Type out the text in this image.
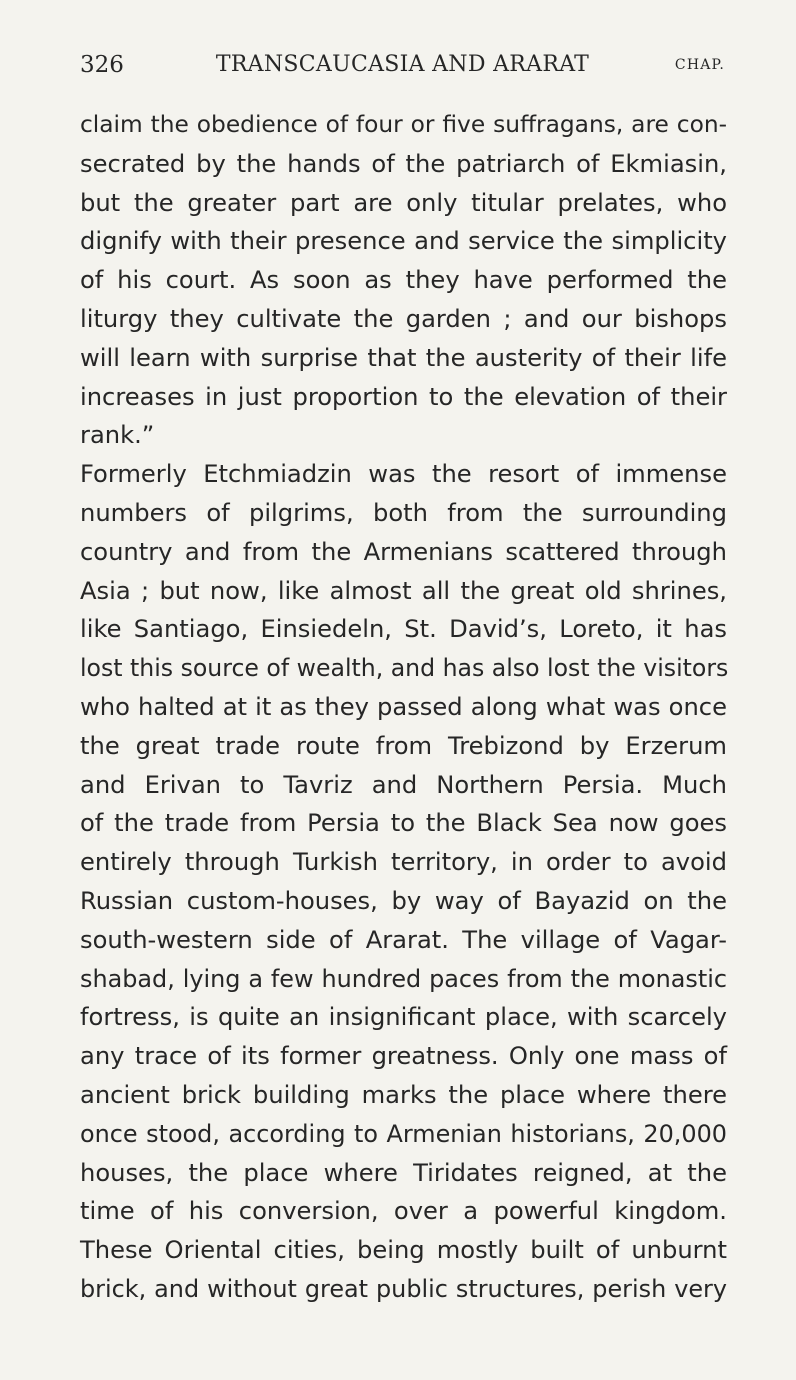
326	TRANSCAUCASIA AND ARARAT	CHAP.
claim the obedience of four or five suffragans, are con-
secrated by the hands of the patriarch of Ekmiasin,
but the greater part are only titular prelates, who
dignify with their presence and service the simplicity
of his court. As soon as they have performed the
liturgy they cultivate the garden ; and our bishops
will learn with surprise that the austerity of their life
increases in just proportion to the elevation of their
rank.”
Formerly Etchmiadzin was the resort of immense
numbers of pilgrims, both from the surrounding
country and from the Armenians scattered through
Asia ; but now, like almost all the great old shrines,
like Santiago, Einsiedeln, St. David’s, Loreto, it has
lost this source of wealth, and has also lost the visitors
who halted at it as they passed along what was once
the great trade route from Trebizond by Erzerum
and Erivan to Tavriz and Northern Persia. Much
of the trade from Persia to the Black Sea now goes
entirely through Turkish territory, in order to avoid
Russian custom-houses, by way of Bayazid on the
south-western side of Ararat. The village of Vagar-
shabad, lying a few hundred paces from the monastic
fortress, is quite an insignificant place, with scarcely
any trace of its former greatness. Only one mass of
ancient brick building marks the place where there
once stood, according to Armenian historians, 20,000
houses, the place where Tiridates reigned, at the
time of his conversion, over a powerful kingdom.
These Oriental cities, being mostly built of unburnt
brick, and without great public structures, perish very
